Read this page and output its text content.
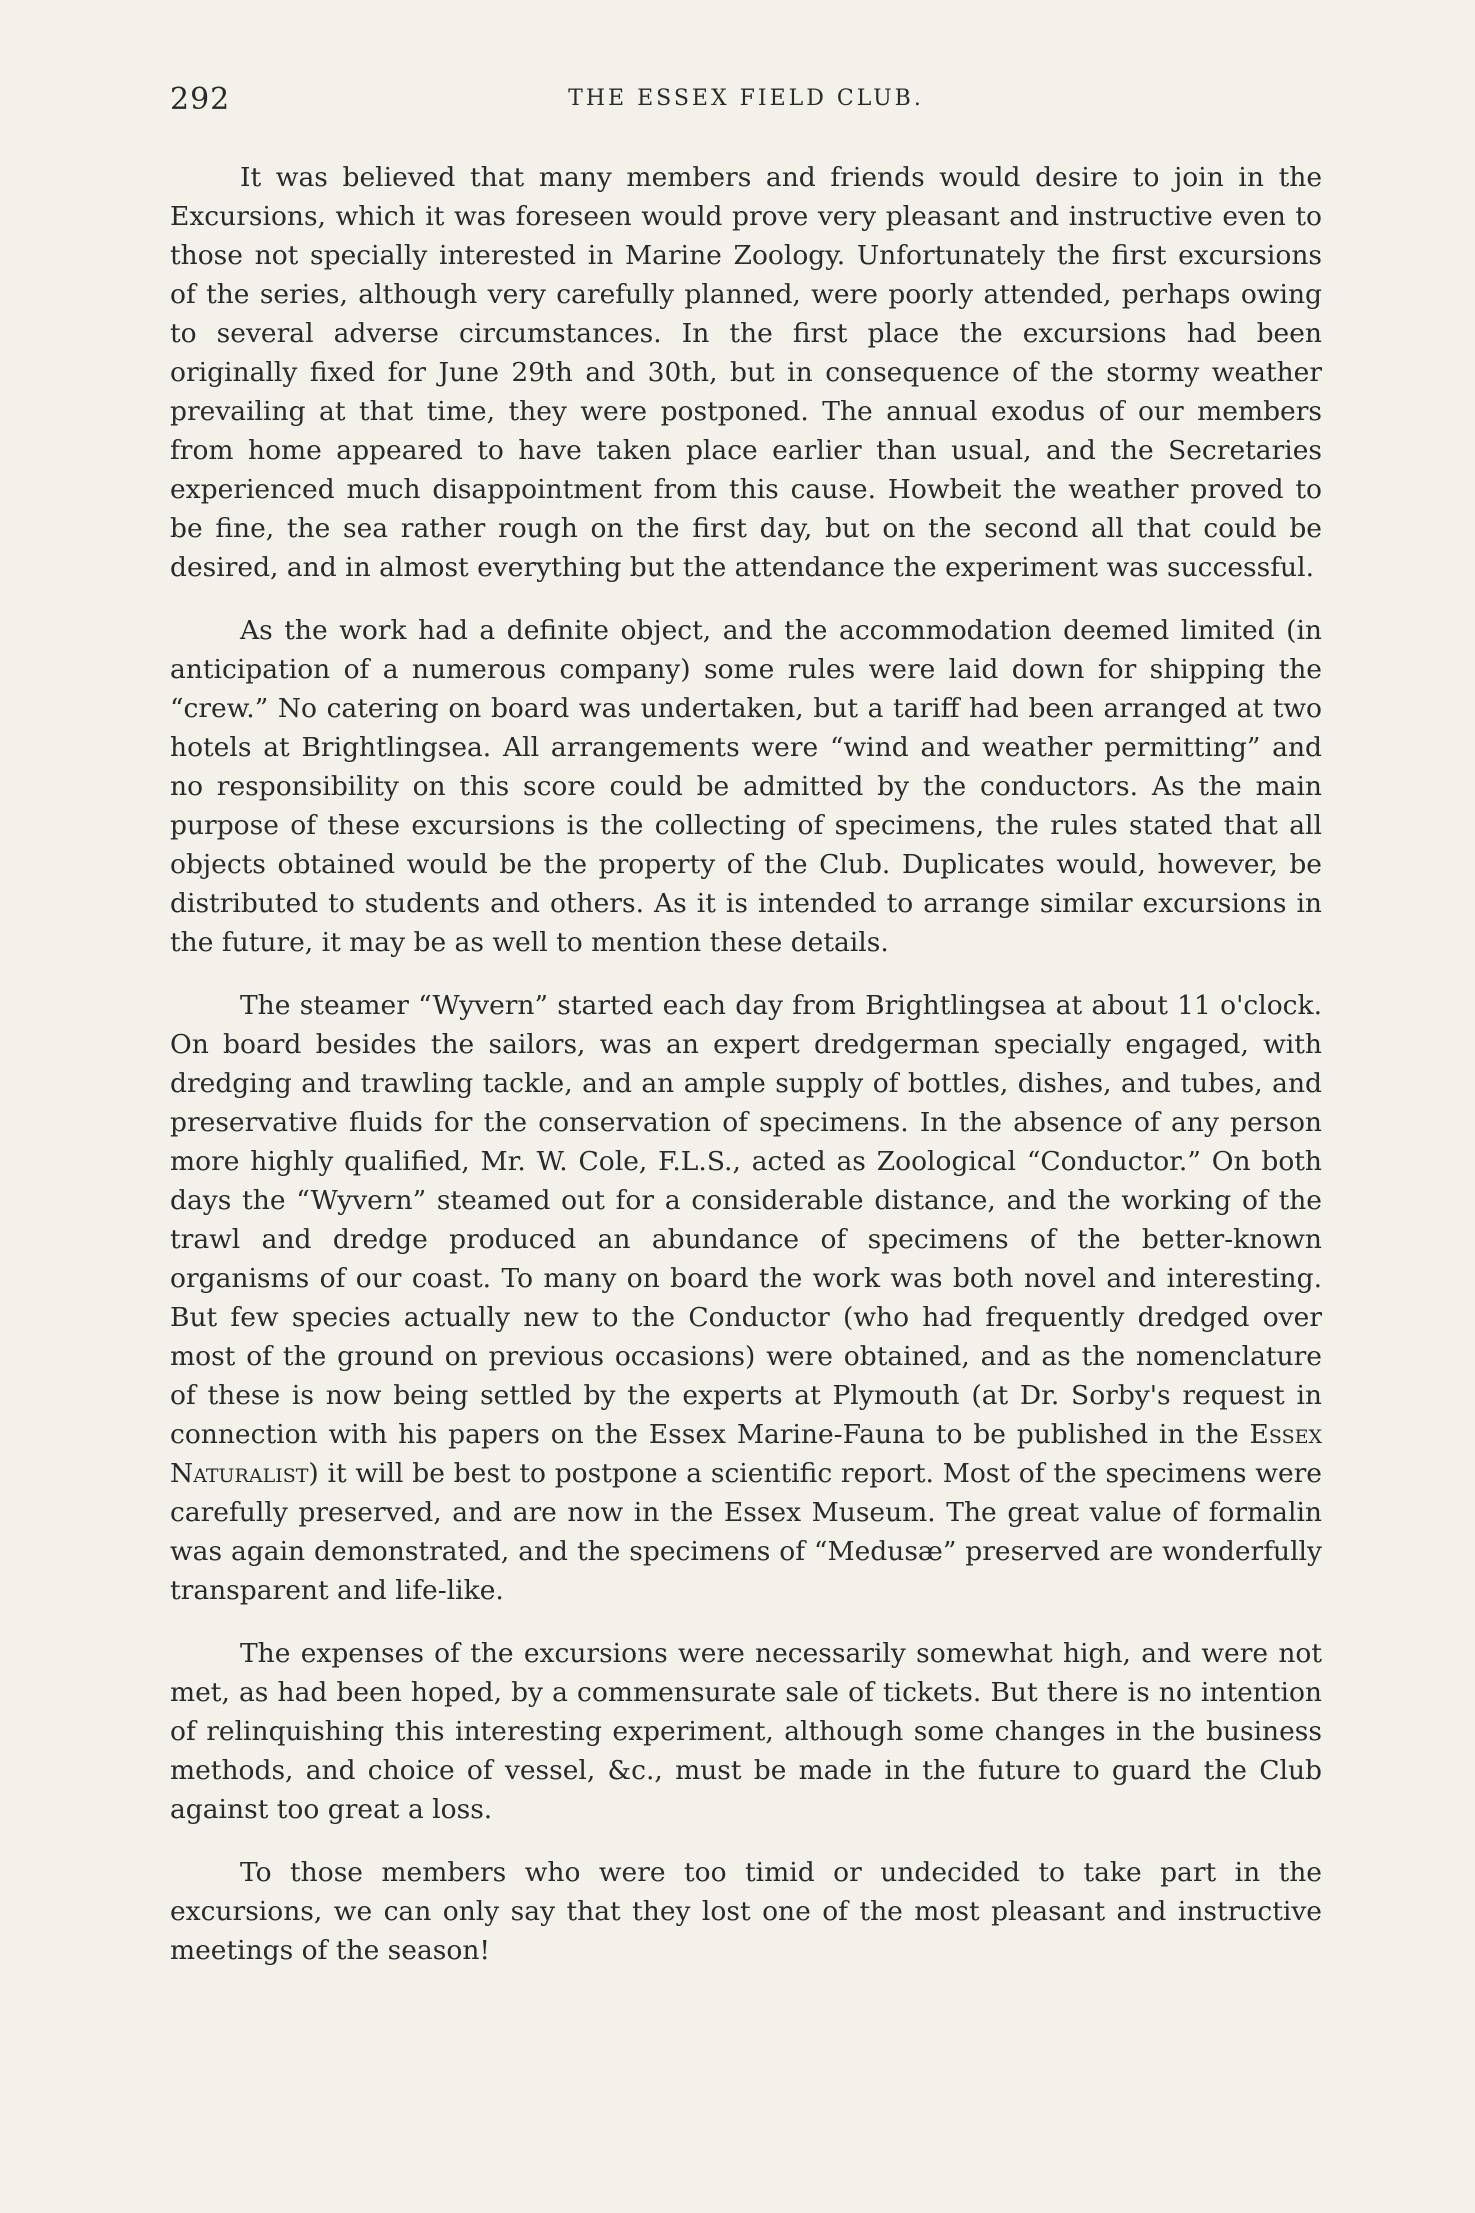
292	THE ESSEX FIELD CLUB.

It was believed that many members and friends would desire to join in the Excursions, which it was foreseen would prove very pleasant and instructive even to those not specially interested in Marine Zoology. Unfortunately the first excursions of the series, although very carefully planned, were poorly attended, perhaps owing to several adverse circumstances. In the first place the excursions had been originally fixed for June 29th and 30th, but in consequence of the stormy weather prevailing at that time, they were postponed. The annual exodus of our members from home appeared to have taken place earlier than usual, and the Secretaries experienced much disappointment from this cause. Howbeit the weather proved to be fine, the sea rather rough on the first day, but on the second all that could be desired, and in almost everything but the attendance the experiment was successful.

As the work had a definite object, and the accommodation deemed limited (in anticipation of a numerous company) some rules were laid down for shipping the “crew.” No catering on board was undertaken, but a tariff had been arranged at two hotels at Brightlingsea. All arrangements were “wind and weather permitting” and no responsibility on this score could be admitted by the conductors. As the main purpose of these excursions is the collecting of specimens, the rules stated that all objects obtained would be the property of the Club. Duplicates would, however, be distributed to students and others. As it is intended to arrange similar excursions in the future, it may be as well to mention these details.

The steamer “Wyvern” started each day from Brightlingsea at about 11 o'clock. On board besides the sailors, was an expert dredgerman specially engaged, with dredging and trawling tackle, and an ample supply of bottles, dishes, and tubes, and preservative fluids for the conservation of specimens. In the absence of any person more highly qualified, Mr. W. Cole, F.L.S., acted as Zoological “Conductor.” On both days the “Wyvern” steamed out for a considerable distance, and the working of the trawl and dredge produced an abundance of specimens of the better-known organisms of our coast. To many on board the work was both novel and interesting. But few species actually new to the Conductor (who had frequently dredged over most of the ground on previous occasions) were obtained, and as the nomenclature of these is now being settled by the experts at Plymouth (at Dr. Sorby's request in connection with his papers on the Essex Marine-Fauna to be published in the Essex Naturalist) it will be best to postpone a scientific report. Most of the specimens were carefully preserved, and are now in the Essex Museum. The great value of formalin was again demonstrated, and the specimens of “Medusæ” preserved are wonderfully transparent and life-like.

The expenses of the excursions were necessarily somewhat high, and were not met, as had been hoped, by a commensurate sale of tickets. But there is no intention of relinquishing this interesting experiment, although some changes in the business methods, and choice of vessel, &c., must be made in the future to guard the Club against too great a loss.

To those members who were too timid or undecided to take part in the excursions, we can only say that they lost one of the most pleasant and instructive meetings of the season!
